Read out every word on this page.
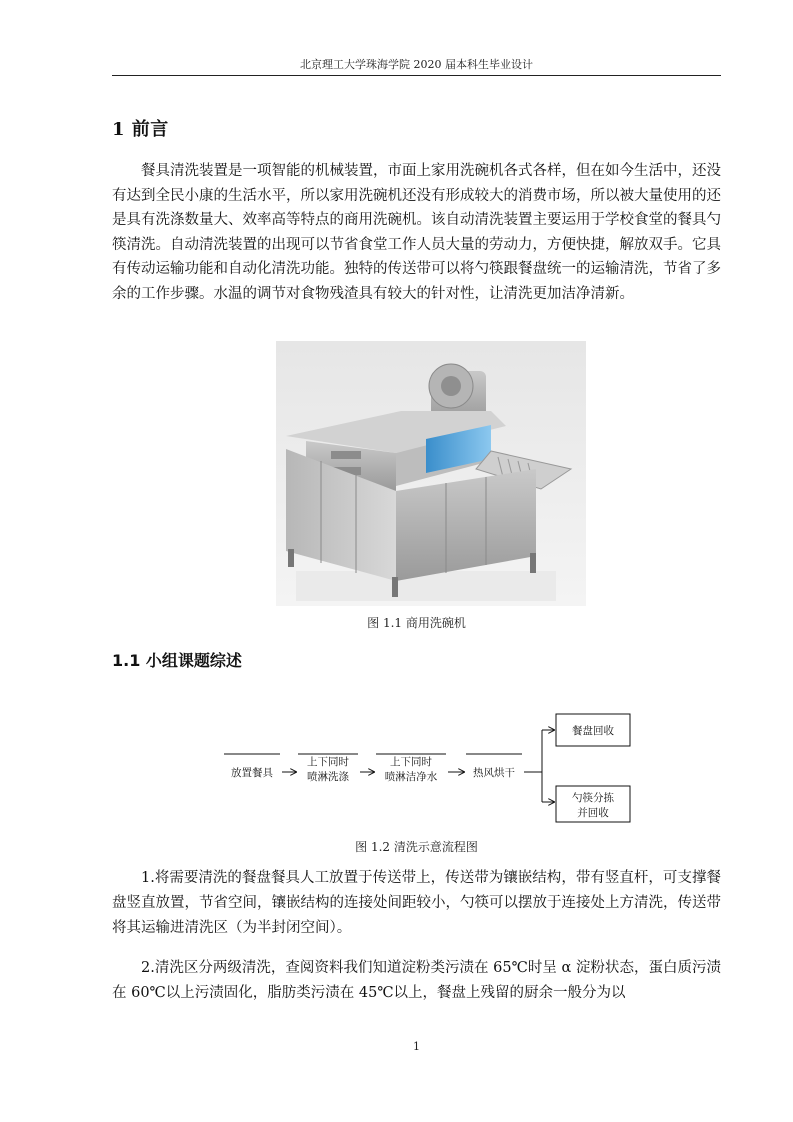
北京理工大学珠海学院 2020 届本科生毕业设计
1 前言

餐具清洗装置是一项智能的机械装置，市面上家用洗碗机各式各样，但在如今生活中，还没有达到全民小康的生活水平，所以家用洗碗机还没有形成较大的消费市场，所以被大量使用的还是具有洗涤数量大、效率高等特点的商用洗碗机。该自动清洗装置主要运用于学校食堂的餐具勺筷清洗。自动清洗装置的出现可以节省食堂工作人员大量的劳动力，方便快捷，解放双手。它具有传动运输功能和自动化清洗功能。独特的传送带可以将勺筷跟餐盘统一的运输清洗，节省了多余的工作步骤。水温的调节对食物残渣具有较大的针对性，让清洗更加洁净清新。

图 1.1 商用洗碗机
1.1 小组课题综述
放置餐具
上下同时
喷淋洗涤
上下同时
喷淋洁净水	热风烘干
餐盘回收
勺筷分拣
并回收
图 1.2 清洗示意流程图

1.将需要清洗的餐盘餐具人工放置于传送带上，传送带为镶嵌结构，带有竖直杆，可支撑餐盘竖直放置，节省空间，镶嵌结构的连接处间距较小，勺筷可以摆放于连接处上方清洗，传送带将其运输进清洗区（为半封闭空间）。

2.清洗区分两级清洗，查阅资料我们知道淀粉类污渍在 65℃时呈 α 淀粉状态，蛋白质污渍在 60℃以上污渍固化，脂肪类污渍在 45℃以上，餐盘上残留的厨余一般分为以

1
